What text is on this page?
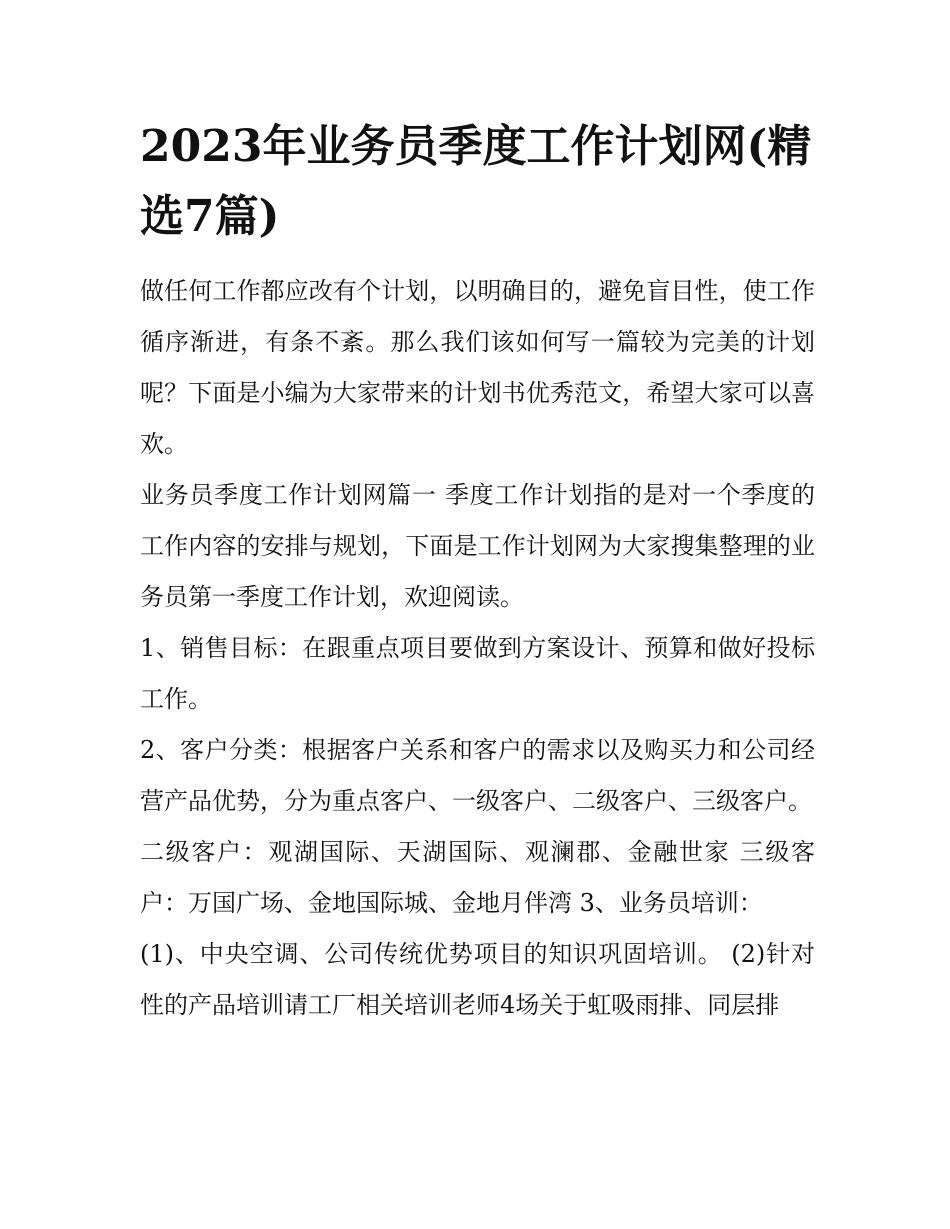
2023年业务员季度工作计划网(精选7篇)

做任何工作都应改有个计划，以明确目的，避免盲目性，使工作循序渐进，有条不紊。那么我们该如何写一篇较为完美的计划呢？下面是小编为大家带来的计划书优秀范文，希望大家可以喜欢。

业务员季度工作计划网篇一 季度工作计划指的是对一个季度的工作内容的安排与规划，下面是工作计划网为大家搜集整理的业务员第一季度工作计划，欢迎阅读。

1、销售目标：在跟重点项目要做到方案设计、预算和做好投标工作。

2、客户分类：根据客户关系和客户的需求以及购买力和公司经营产品优势，分为重点客户、一级客户、二级客户、三级客户。

二级客户：观湖国际、天湖国际、观澜郡、金融世家 三级客户：万国广场、金地国际城、金地月伴湾 3、业务员培训：

(1)、中央空调、公司传统优势项目的知识巩固培训。 (2)针对性的产品培训请工厂相关培训老师4场关于虹吸雨排、同层排
